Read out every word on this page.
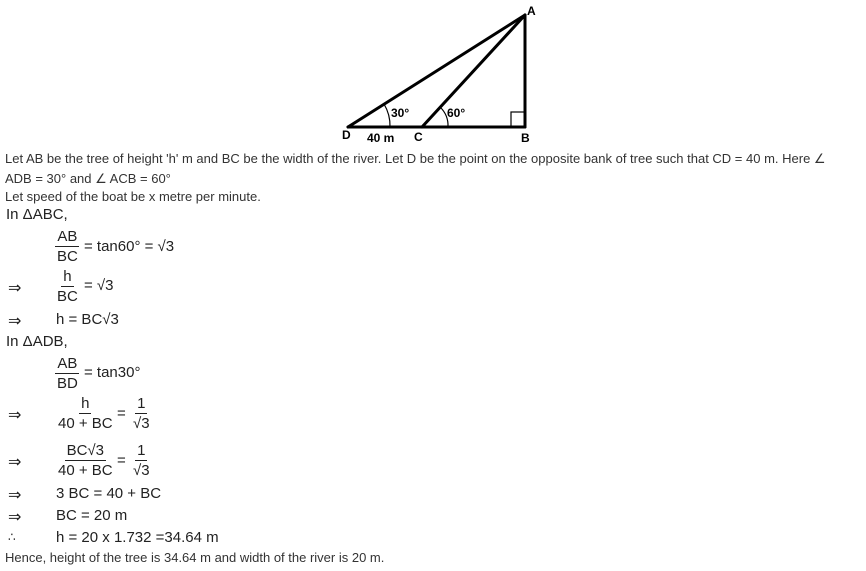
A
B
C
D
30°	60°
40 m
Let AB be the tree of height 'h' m and BC be the width of the river. Let D be the point on the opposite bank of tree such that CD = 40 m. Here ∠
ADB = 30° and ∠ ACB = 60°
Let speed of the boat be x metre per minute.
In ΔABC,
$\frac{AB}{BC} = \tan 60^\circ = √3$
⇒ $\frac{h}{BC} = √3$
⇒ h = BC√3
In ΔADB,
$\frac{AB}{BD} = \tan 30^\circ$
⇒ $\frac{h}{40 + BC} = \frac{1}{√3}$
⇒ $\frac{BC√3}{40 + BC} = \frac{1}{√3}$
⇒ 3 BC = 40 + BC
⇒ BC = 20 m
∴	h = 20 x 1.732 =34.64 m
Hence, height of the tree is 34.64 m and width of the river is 20 m.
